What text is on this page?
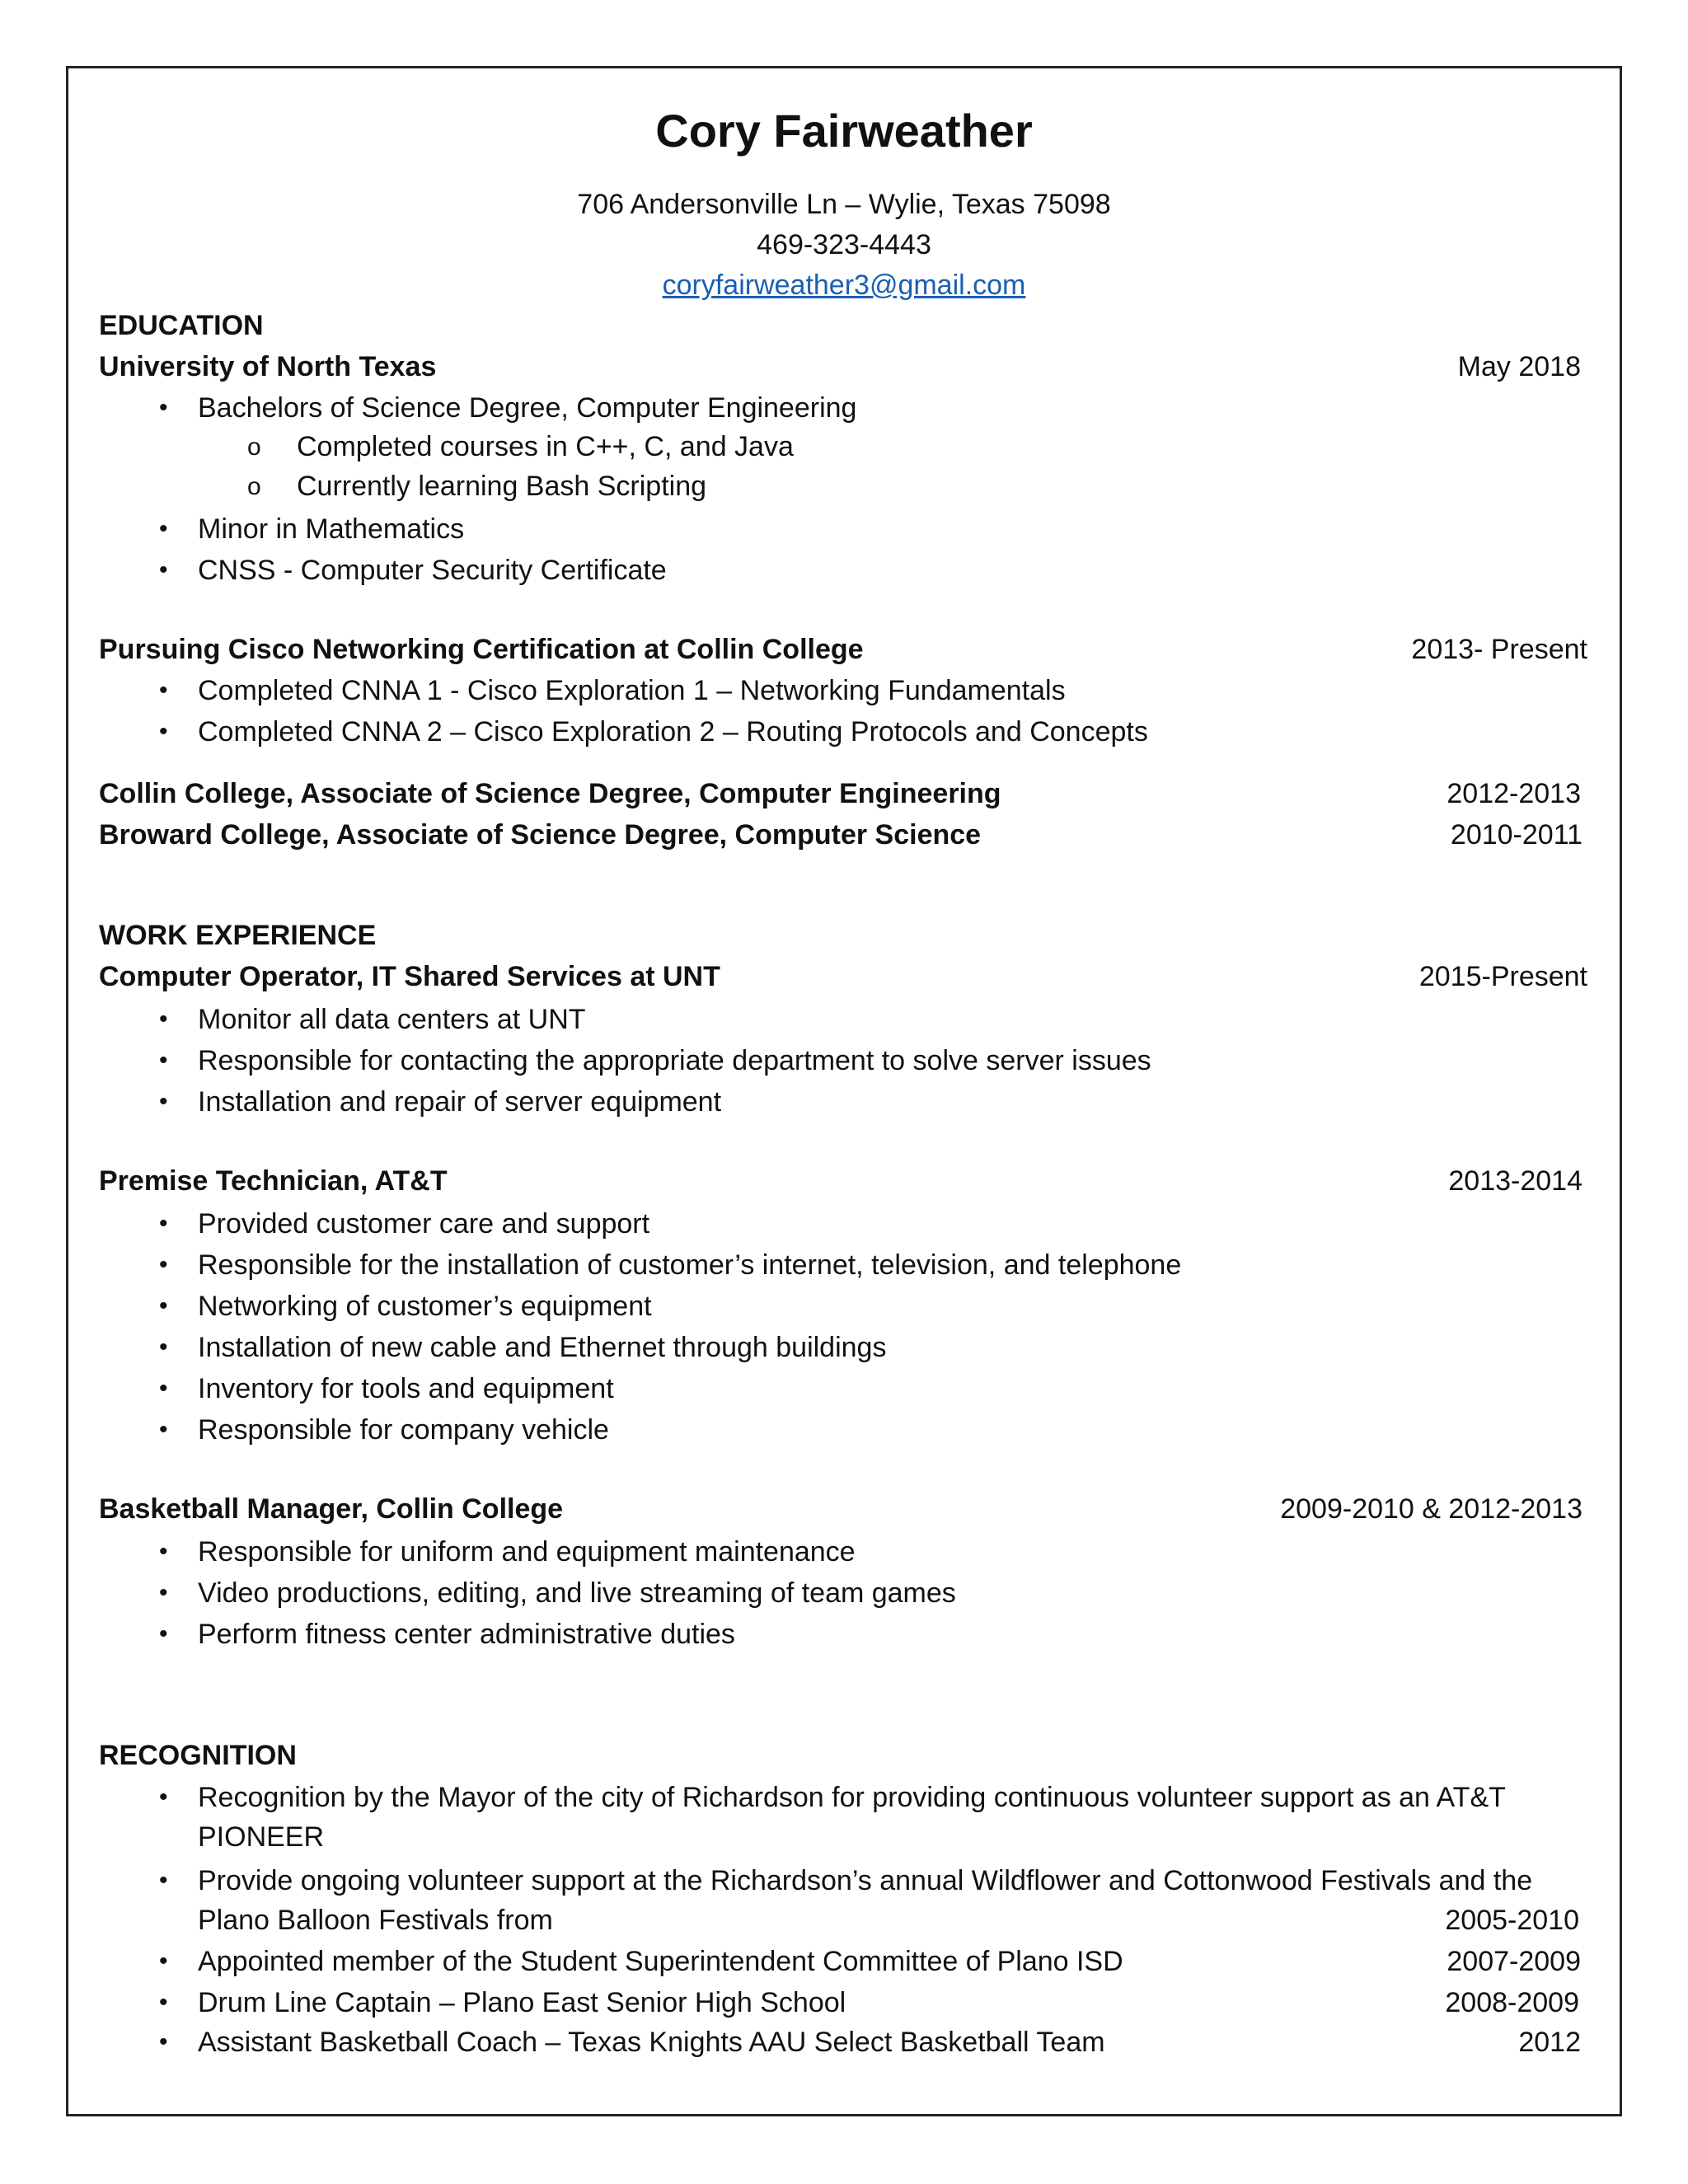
Cory Fairweather
706 Andersonville Ln – Wylie, Texas 75098
469-323-4443
coryfairweather3@gmail.com
EDUCATION
University of North Texas	May 2018
• Bachelors of Science Degree, Computer Engineering
o Completed courses in C++, C, and Java
o Currently learning Bash Scripting
• Minor in Mathematics
• CNSS - Computer Security Certificate
Pursuing Cisco Networking Certification at Collin College	2013- Present
• Completed CNNA 1 - Cisco Exploration 1 – Networking Fundamentals
• Completed CNNA 2 – Cisco Exploration 2 – Routing Protocols and Concepts
Collin College, Associate of Science Degree, Computer Engineering	2012-2013
Broward College, Associate of Science Degree, Computer Science	2010-2011
WORK EXPERIENCE
Computer Operator, IT Shared Services at UNT	2015-Present
• Monitor all data centers at UNT
• Responsible for contacting the appropriate department to solve server issues
• Installation and repair of server equipment
Premise Technician, AT&T	2013-2014
• Provided customer care and support
• Responsible for the installation of customer’s internet, television, and telephone
• Networking of customer’s equipment
• Installation of new cable and Ethernet through buildings
• Inventory for tools and equipment
• Responsible for company vehicle
Basketball Manager, Collin College	2009-2010 & 2012-2013
• Responsible for uniform and equipment maintenance
• Video productions, editing, and live streaming of team games
• Perform fitness center administrative duties
RECOGNITION
• Recognition by the Mayor of the city of Richardson for providing continuous volunteer support as an AT&T
PIONEER
• Provide ongoing volunteer support at the Richardson’s annual Wildflower and Cottonwood Festivals and the
Plano Balloon Festivals from	2005-2010
• Appointed member of the Student Superintendent Committee of Plano ISD	2007-2009
• Drum Line Captain – Plano East Senior High School	2008-2009
• Assistant Basketball Coach – Texas Knights AAU Select Basketball Team	2012
